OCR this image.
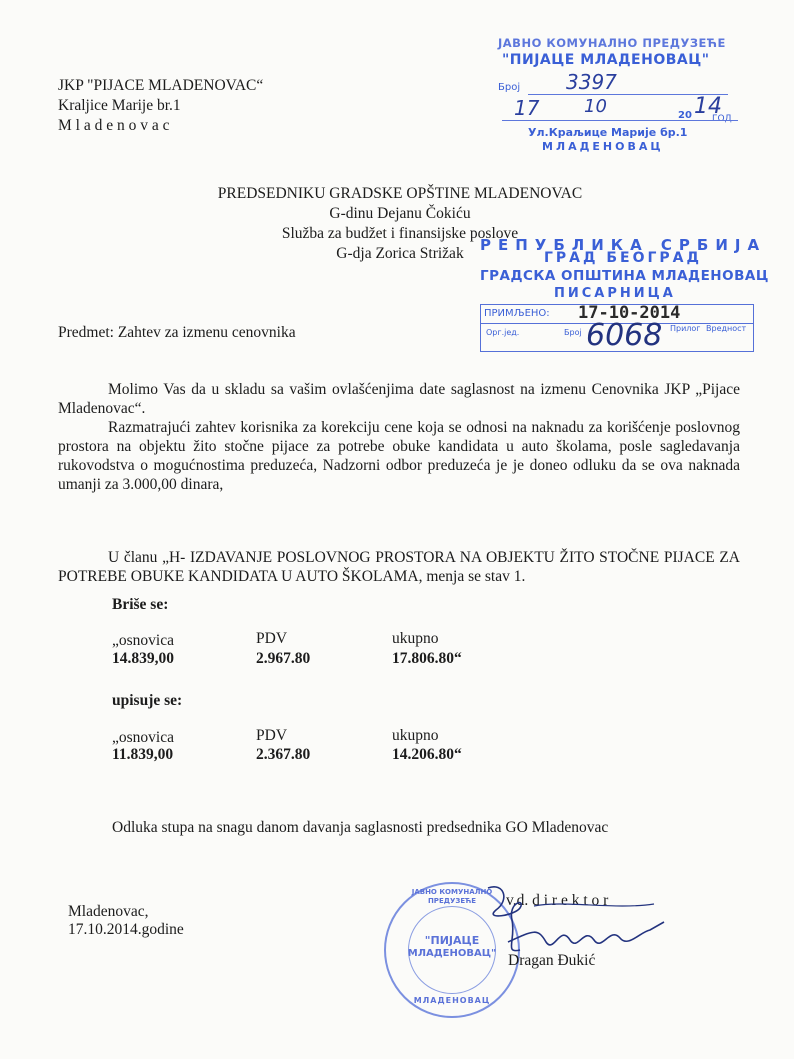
JKP "PIJACE MLADENOVAC“
Kraljice Marije br.1
M l a d e n o v a c
ЈАВНО КОМУНАЛНО ПРЕДУЗЕЋЕ
"ПИЈАЦЕ МЛАДЕНОВАЦ"
Број 3397
17 10	20 14
ГОД
Ул.Краљице Марије бр.1
МЛАДЕНОВАЦ
PREDSEDNIKU GRADSKE OPŠTINE MLADENOVAC
G-dinu Dejanu Čokiću
Služba za budžet i finansijske poslove
G-dja Zorica Strižak	РЕПУБЛИКА СРБИЈА
ГРАД БЕОГРАД
ГРАДСКА ОПШТИНА МЛАДЕНОВАЦ
ПИСАРНИЦА
ПРИМЉЕНО: 17-10-2014
Орг.јед.	Број	Прилог Вредност
6068
Predmet: Zahtev za izmenu cenovnika

Molimo Vas da u skladu sa vašim ovlašćenjima date saglasnost na izmenu Cenovnika JKP „Pijace Mladenovac“.

Razmatrajući zahtev korisnika za korekciju cene koja se odnosi na naknadu za korišćenje poslovnog prostora na objektu žito stočne pijace za potrebe obuke kandidata u auto školama, posle sagledavanja rukovodstva o mogućnostima preduzeća, Nadzorni odbor preduzeća je je doneo odluku da se ova naknada umanji za 3.000,00 dinara,

U članu „H- IZDAVANJE POSLOVNOG PROSTORA NA OBJEKTU ŽITO STOČNE PIJACE ZA POTREBE OBUKE KANDIDATA U AUTO ŠKOLAMA, menja se stav 1.

Briše se:
„osnovica	PDV	ukupno
14.839,00	2.967.80	17.806.80“
upisuje se:
„osnovica	PDV	ukupno
11.839,00	2.367.80	14.206.80“
Odluka stupa na snagu danom davanja saglasnosti predsednika GO Mladenovac
Mladenovac,
17.10.2014.godine
ЈАВНО КОМУНАЛНО ПРЕДУЗЕЋЕ
"ПИЈАЦЕ
МЛАДЕНОВАЦ"
МЛАДЕНОВАЦ
v.d. d i r e k t o r
Dragan Đukić
